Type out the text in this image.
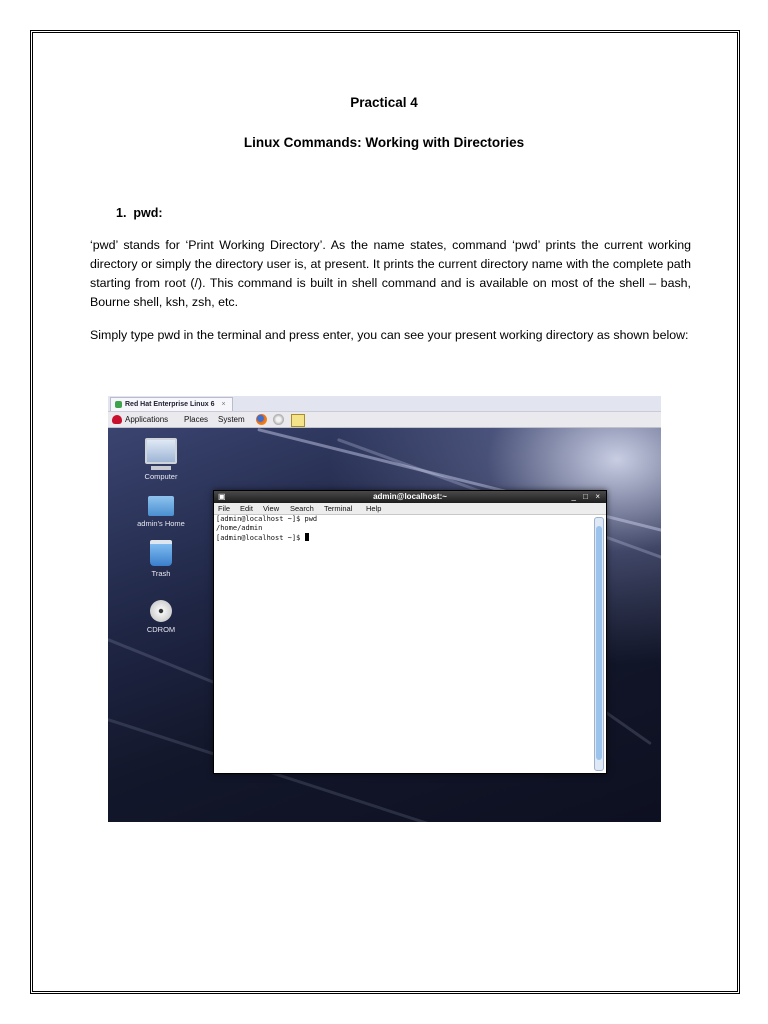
Practical 4
Linux Commands: Working with Directories
1.  pwd:
‘pwd’ stands for ‘Print Working Directory’. As the name states, command ‘pwd’ prints the current working directory or simply the directory user is, at present. It prints the current directory name with the complete path starting from root (/). This command is built in shell command and is available on most of the shell – bash, Bourne shell, ksh, zsh, etc.
Simply type pwd in the terminal and press enter, you can see your present working directory as shown below:
Red Hat Enterprise Linux 6 ×
Applications Places System
Computer
admin's Home
Trash
CDROM
▣	admin@localhost:~	_ □ ×
File Edit View Search Terminal Help
[admin@localhost ~]$ pwd
/home/admin
[admin@localhost ~]$
